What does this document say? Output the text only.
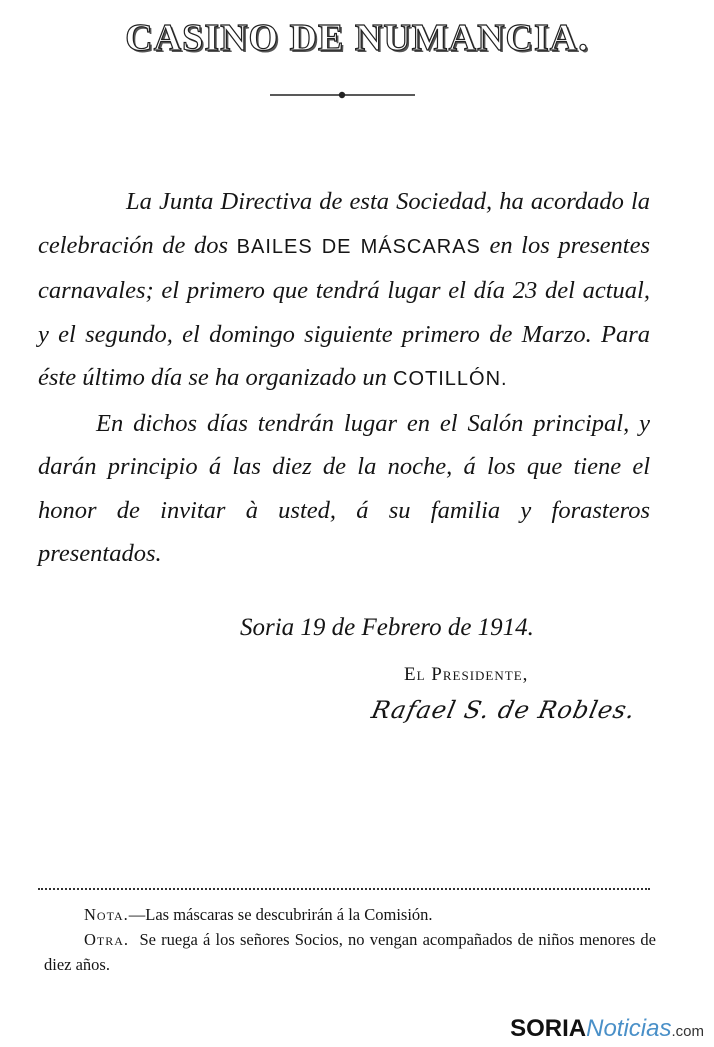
CASINO DE NUMANCIA.

La Junta Directiva de esta Sociedad, ha acordado la celebración de dos BAILES DE MÁSCARAS en los presentes carnavales; el primero que tendrá lugar el día 23 del actual, y el segundo, el domingo siguiente primero de Marzo. Para éste último día se ha organizado un COTILLÓN.

En dichos días tendrán lugar en el Salón principal, y darán principio á las diez de la noche, á los que tiene el honor de invitar à usted, á su familia y forasteros presentados.

Soria 19 de Febrero de 1914.
El Presidente,
Rafael S. de Robles.

Nota.—Las máscaras se descubrirán á la Comisión.

Otra. Se ruega á los señores Socios, no vengan acompañados de niños menores de diez años.

SORIANoticias.com
